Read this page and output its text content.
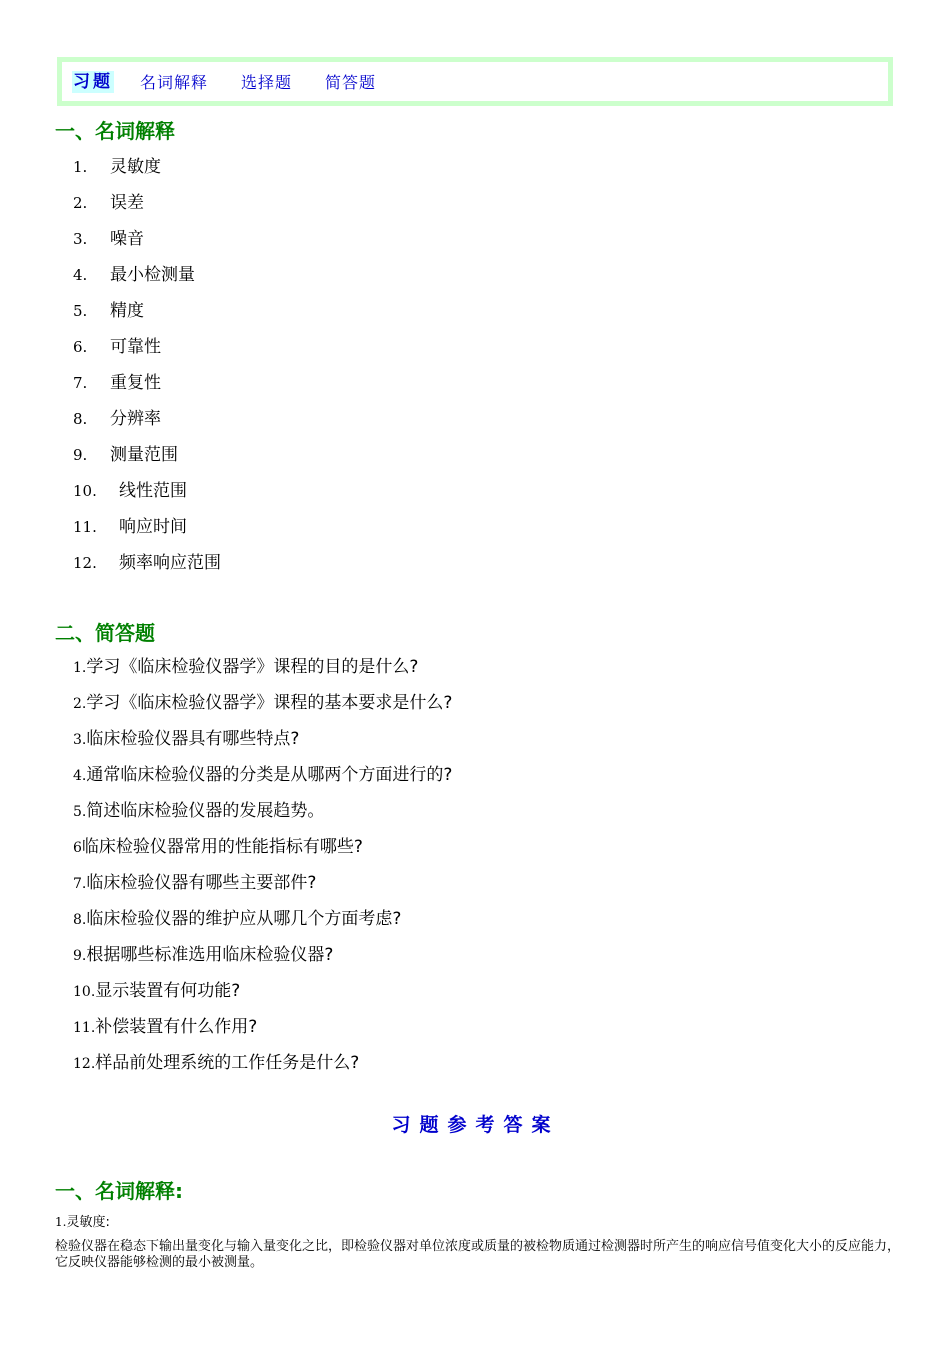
习题 名词解释 选择题 简答题
一、名词解释
1. 灵敏度
2. 误差
3. 噪音
4. 最小检测量
5. 精度
6. 可靠性
7. 重复性
8. 分辨率
9. 测量范围
10. 线性范围
11. 响应时间
12. 频率响应范围
二、简答题
1.学习《临床检验仪器学》课程的目的是什么?
2.学习《临床检验仪器学》课程的基本要求是什么?
3.临床检验仪器具有哪些特点?
4.通常临床检验仪器的分类是从哪两个方面进行的?
5.简述临床检验仪器的发展趋势。
6临床检验仪器常用的性能指标有哪些?
7.临床检验仪器有哪些主要部件?
8.临床检验仪器的维护应从哪几个方面考虑?
9.根据哪些标准选用临床检验仪器?
10.显示装置有何功能?
11.补偿装置有什么作用?
12.样品前处理系统的工作任务是什么?
习题参考答案
一、名词解释:
1.灵敏度:
检验仪器在稳态下输出量变化与输入量变化之比，即检验仪器对单位浓度或质量的被检物质通过检测器时所产生的响应信号值变化大小的反应能力，它反映仪器能够检测的最小被测量。
